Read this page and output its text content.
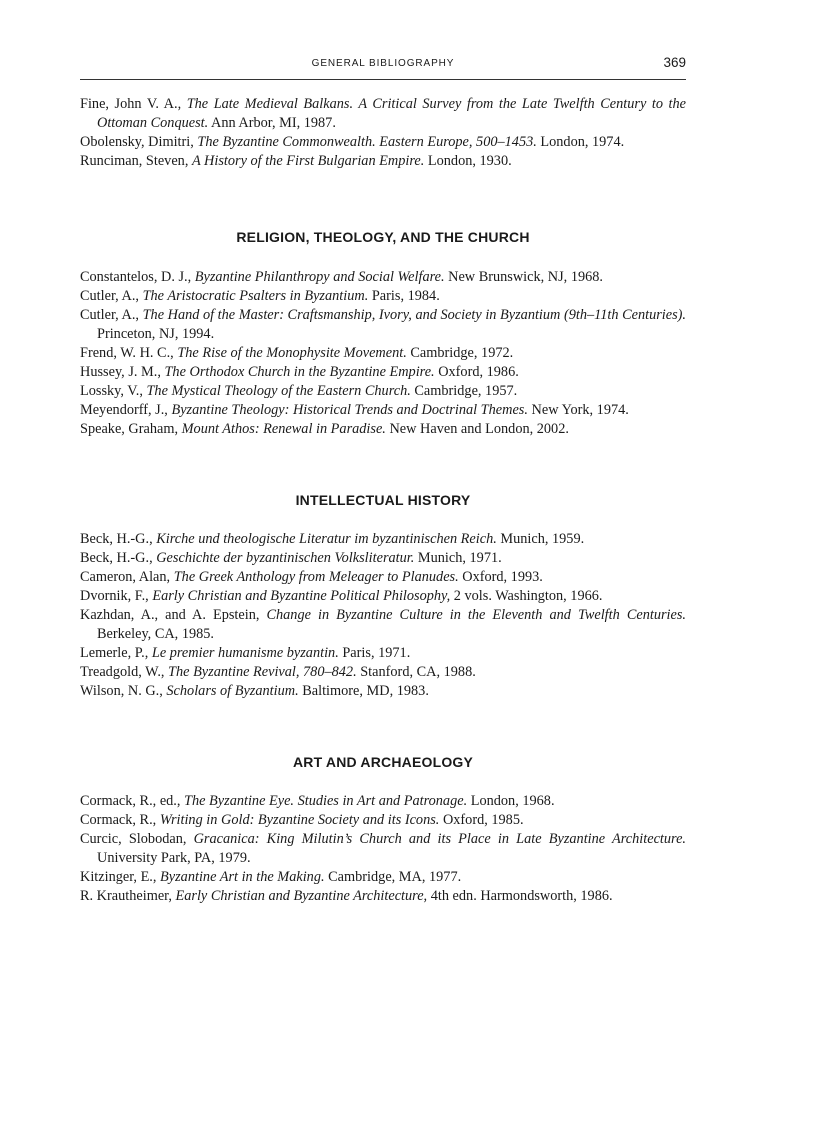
GENERAL BIBLIOGRAPHY	369

Fine, John V. A., The Late Medieval Balkans. A Critical Survey from the Late Twelfth Century to the Ottoman Conquest. Ann Arbor, MI, 1987.

Obolensky, Dimitri, The Byzantine Commonwealth. Eastern Europe, 500–1453. London, 1974.

Runciman, Steven, A History of the First Bulgarian Empire. London, 1930.

RELIGION, THEOLOGY, AND THE CHURCH

Constantelos, D. J., Byzantine Philanthropy and Social Welfare. New Brunswick, NJ, 1968.

Cutler, A., The Aristocratic Psalters in Byzantium. Paris, 1984.

Cutler, A., The Hand of the Master: Craftsmanship, Ivory, and Society in Byzantium (9th–11th Centuries). Princeton, NJ, 1994.

Frend, W. H. C., The Rise of the Monophysite Movement. Cambridge, 1972.

Hussey, J. M., The Orthodox Church in the Byzantine Empire. Oxford, 1986.

Lossky, V., The Mystical Theology of the Eastern Church. Cambridge, 1957.

Meyendorff, J., Byzantine Theology: Historical Trends and Doctrinal Themes. New York, 1974.

Speake, Graham, Mount Athos: Renewal in Paradise. New Haven and London, 2002.

INTELLECTUAL HISTORY

Beck, H.-G., Kirche und theologische Literatur im byzantinischen Reich. Munich, 1959.

Beck, H.-G., Geschichte der byzantinischen Volksliteratur. Munich, 1971.

Cameron, Alan, The Greek Anthology from Meleager to Planudes. Oxford, 1993.

Dvornik, F., Early Christian and Byzantine Political Philosophy, 2 vols. Washington, 1966.

Kazhdan, A., and A. Epstein, Change in Byzantine Culture in the Eleventh and Twelfth Centuries. Berkeley, CA, 1985.

Lemerle, P., Le premier humanisme byzantin. Paris, 1971.

Treadgold, W., The Byzantine Revival, 780–842. Stanford, CA, 1988.

Wilson, N. G., Scholars of Byzantium. Baltimore, MD, 1983.

ART AND ARCHAEOLOGY

Cormack, R., ed., The Byzantine Eye. Studies in Art and Patronage. London, 1968.

Cormack, R., Writing in Gold: Byzantine Society and its Icons. Oxford, 1985.

Curcic, Slobodan, Gracanica: King Milutin’s Church and its Place in Late Byzantine Architecture. University Park, PA, 1979.

Kitzinger, E., Byzantine Art in the Making. Cambridge, MA, 1977.

R. Krautheimer, Early Christian and Byzantine Architecture, 4th edn. Harmondsworth, 1986.
